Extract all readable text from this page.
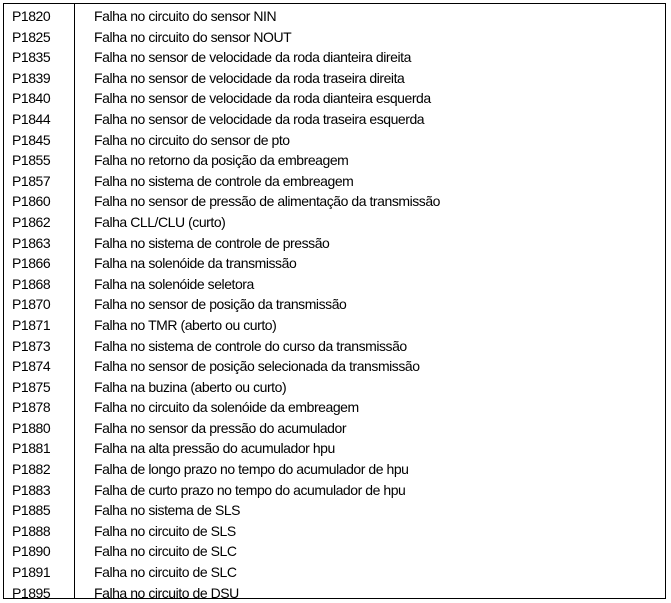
P1820	Falha no circuito do sensor NIN
P1825	Falha no circuito do sensor NOUT
P1835	Falha no sensor de velocidade da roda dianteira direita
P1839	Falha no sensor de velocidade da roda traseira direita
P1840	Falha no sensor de velocidade da roda dianteira esquerda
P1844	Falha no sensor de velocidade da roda traseira esquerda
P1845	Falha no circuito do sensor de pto
P1855	Falha no retorno da posição da embreagem
P1857	Falha no sistema de controle da embreagem
P1860	Falha no sensor de pressão de alimentação da transmissão
P1862	Falha CLL/CLU (curto)
P1863	Falha no sistema de controle de pressão
P1866	Falha na solenóide da transmissão
P1868	Falha na solenóide seletora
P1870	Falha no sensor de posição da transmissão
P1871	Falha no TMR (aberto ou curto)
P1873	Falha no sistema de controle do curso da transmissão
P1874	Falha no sensor de posição selecionada da transmissão
P1875	Falha na buzina (aberto ou curto)
P1878	Falha no circuito da solenóide da embreagem
P1880	Falha no sensor da pressão do acumulador
P1881	Falha na alta pressão do acumulador hpu
P1882	Falha de longo prazo no tempo do acumulador de hpu
P1883	Falha de curto prazo no tempo do acumulador de hpu
P1885	Falha no sistema de SLS
P1888	Falha no circuito de SLS
P1890	Falha no circuito de SLC
P1891	Falha no circuito de SLC
P1895	Falha no circuito de DSU
